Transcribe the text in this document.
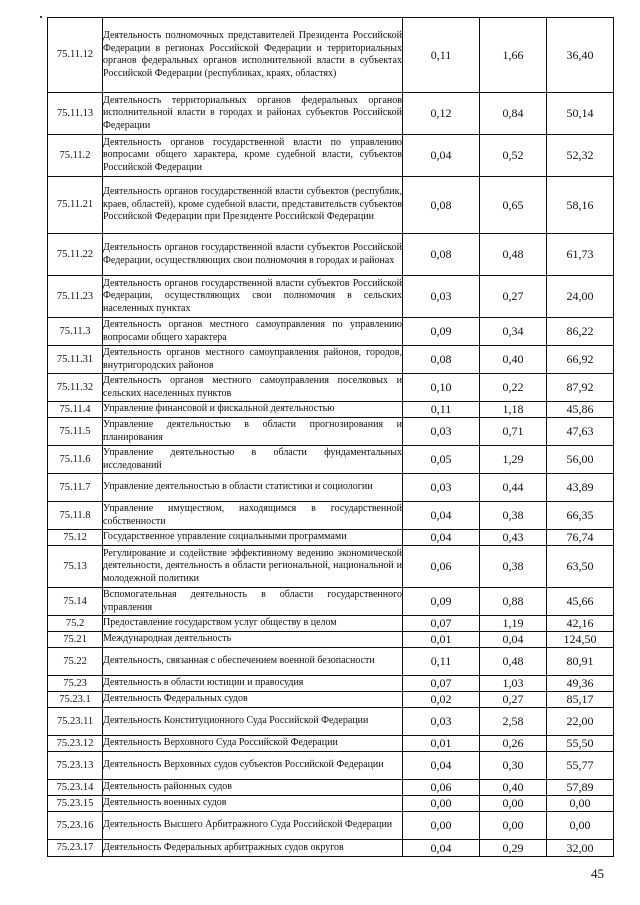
75.11.12	Деятельность полномочных представителей Президента Российской Федерации в регионах Российской Федерации и территориальных органов федеральных органов исполнительной власти в субъектах Российской Федерации (республиках, краях, областях)	0,11	1,66	36,40
75.11.13	Деятельность территориальных органов федеральных органов исполнительной власти в городах и районах субъектов Российской Федерации	0,12	0,84	50,14
75.11.2	Деятельность органов государственной власти по управлению вопросами общего характера, кроме судебной власти, субъектов Российской Федерации	0,04	0,52	52,32
75.11.21	Деятельность органов государственной власти субъектов (республик, краев, областей), кроме судебной власти, представительств субъектов Российской Федерации при Президенте Российской Федерации	0,08	0,65	58,16
75.11.22	Деятельность органов государственной власти субъектов Российской Федерации, осуществляющих свои полномочия в городах и районах	0,08	0,48	61,73
75.11.23	Деятельность органов государственной власти субъектов Российской Федерации, осуществляющих свои полномочия в сельских населенных пунктах	0,03	0,27	24,00
75.11.3	Деятельность органов местного самоуправления по управлению вопросами общего характера	0,09	0,34	86,22
75.11.31	Деятельность органов местного самоуправления районов, городов, внутригородских районов	0,08	0,40	66,92
75.11.32	Деятельность органов местного самоуправления поселковых и сельских населенных пунктов	0,10	0,22	87,92
75.11.4	Управление финансовой и фискальной деятельностью	0,11	1,18	45,86
75.11.5	Управление деятельностью в области прогнозирования и планирования	0,03	0,71	47,63
75.11.6	Управление деятельностью в области фундаментальных исследований	0,05	1,29	56,00
75.11.7	Управление деятельностью в области статистики и социологии	0,03	0,44	43,89
75.11.8	Управление имуществом, находящимся в государственной собственности	0,04	0,38	66,35
75.12	Государственное управление социальными программами	0,04	0,43	76,74
75.13	Регулирование и содействие эффективному ведению экономической деятельности, деятельность в области региональной, национальной и молодежной политики	0,06	0,38	63,50
75.14	Вспомогательная деятельность в области государственного управления	0,09	0,88	45,66
75.2	Предоставление государством услуг обществу в целом	0,07	1,19	42,16
75.21	Международная деятельность	0,01	0,04	124,50
75.22	Деятельность, связанная с обеспечением военной безопасности	0,11	0,48	80,91
75.23	Деятельность в области юстиции и правосудия	0,07	1,03	49,36
75.23.1	Деятельность Федеральных судов	0,02	0,27	85,17
75.23.11	Деятельность Конституционного Суда Российской Федерации	0,03	2,58	22,00
75.23.12	Деятельность Верховного Суда Российской Федерации	0,01	0,26	55,50
75.23.13	Деятельность Верховных судов субъектов Российской Федерации	0,04	0,30	55,77
75.23.14	Деятельность районных судов	0,06	0,40	57,89
75.23.15	Деятельность военных судов	0,00	0,00	0,00
75.23.16	Деятельность Высшего Арбитражного Суда Российской Федерации	0,00	0,00	0,00
75.23.17	Деятельность Федеральных арбитражных судов округов	0,04	0,29	32,00
45
